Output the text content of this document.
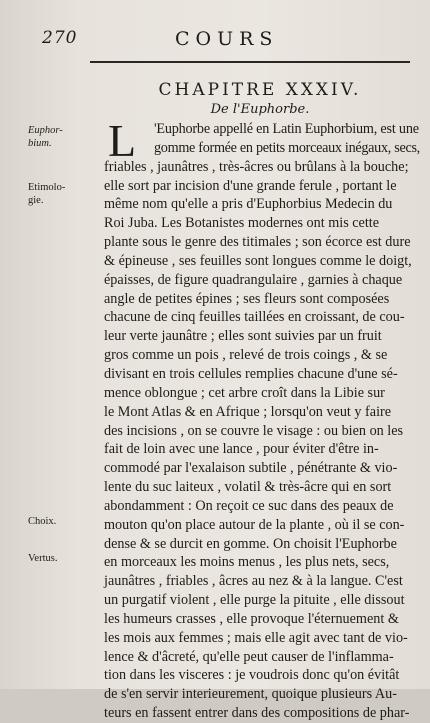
270	COURS
CHAPITRE XXXIV.
De l'Euphorbe.
Euphor-
bium.
Etimolo-
gie.
Choix.
Vertus.
L	'Euphorbe appellé en Latin Euphorbium, est une
gomme formée en petits morceaux inégaux, secs,
friables , jaunâtres , très-âcres ou brûlans à la bouche;
elle sort par incision d'une grande ferule , portant le
même nom qu'elle a pris d'Euphorbius Medecin du
Roi Juba. Les Botanistes modernes ont mis cette
plante sous le genre des titimales ; son écorce est dure
& épineuse , ses feuilles sont longues comme le doigt,
épaisses, de figure quadrangulaire , garnies à chaque
angle de petites épines ; ses fleurs sont composées
chacune de cinq feuilles taillées en croissant, de cou-
leur verte jaunâtre ; elles sont suivies par un fruit
gros comme un pois , relevé de trois coings , & se
divisant en trois cellules remplies chacune d'une sé-
mence oblongue ; cet arbre croît dans la Libie sur
le Mont Atlas & en Afrique ; lorsqu'on veut y faire
des incisions , on se couvre le visage : ou bien on les
fait de loin avec une lance , pour éviter d'être in-
commodé par l'exalaison subtile , pénétrante & vio-
lente du suc laiteux , volatil & très-âcre qui en sort
abondamment : On reçoit ce suc dans des peaux de
mouton qu'on place autour de la plante , où il se con-
dense & se durcit en gomme. On choisit l'Euphorbe
en morceaux les moins menus , les plus nets, secs,
jaunâtres , friables , âcres au nez & à la langue. C'est
un purgatif violent , elle purge la pituite , elle dissout
les humeurs crasses , elle provoque l'éternuement &
les mois aux femmes ; mais elle agit avec tant de vio-
lence & d'âcreté, qu'elle peut causer de l'inflamma-
tion dans les visceres : je voudrois donc qu'on évitât
de s'en servir interieurement, quoique plusieurs Au-
teurs en fassent entrer dans des compositions de phar-
